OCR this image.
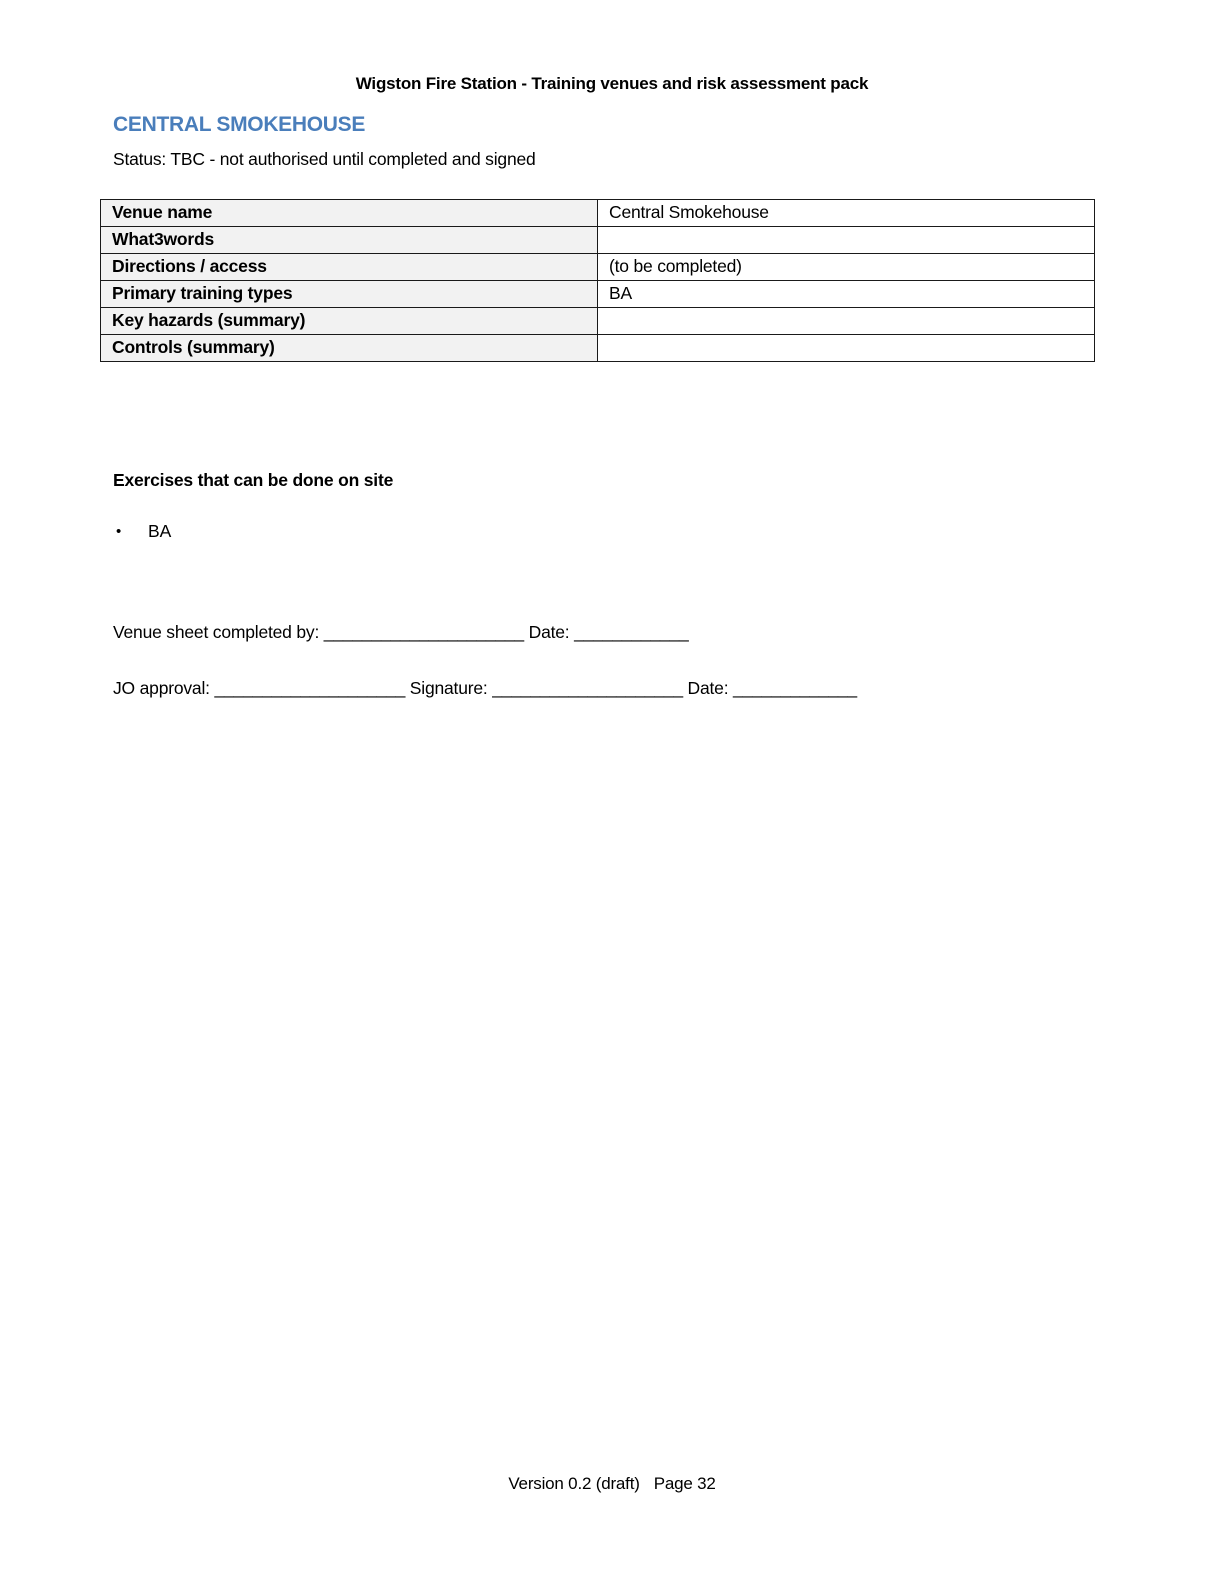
Wigston Fire Station - Training venues and risk assessment pack
CENTRAL SMOKEHOUSE
Status: TBC - not authorised until completed and signed
Venue name	Central Smokehouse
What3words	
Directions / access	(to be completed)
Primary training types	BA
Key hazards (summary)	
Controls (summary)	
Exercises that can be done on site
•	BA
Venue sheet completed by: _____________________ Date: ____________
JO approval: ____________________ Signature: ____________________ Date: _____________
Version 0.2 (draft) Page 32
